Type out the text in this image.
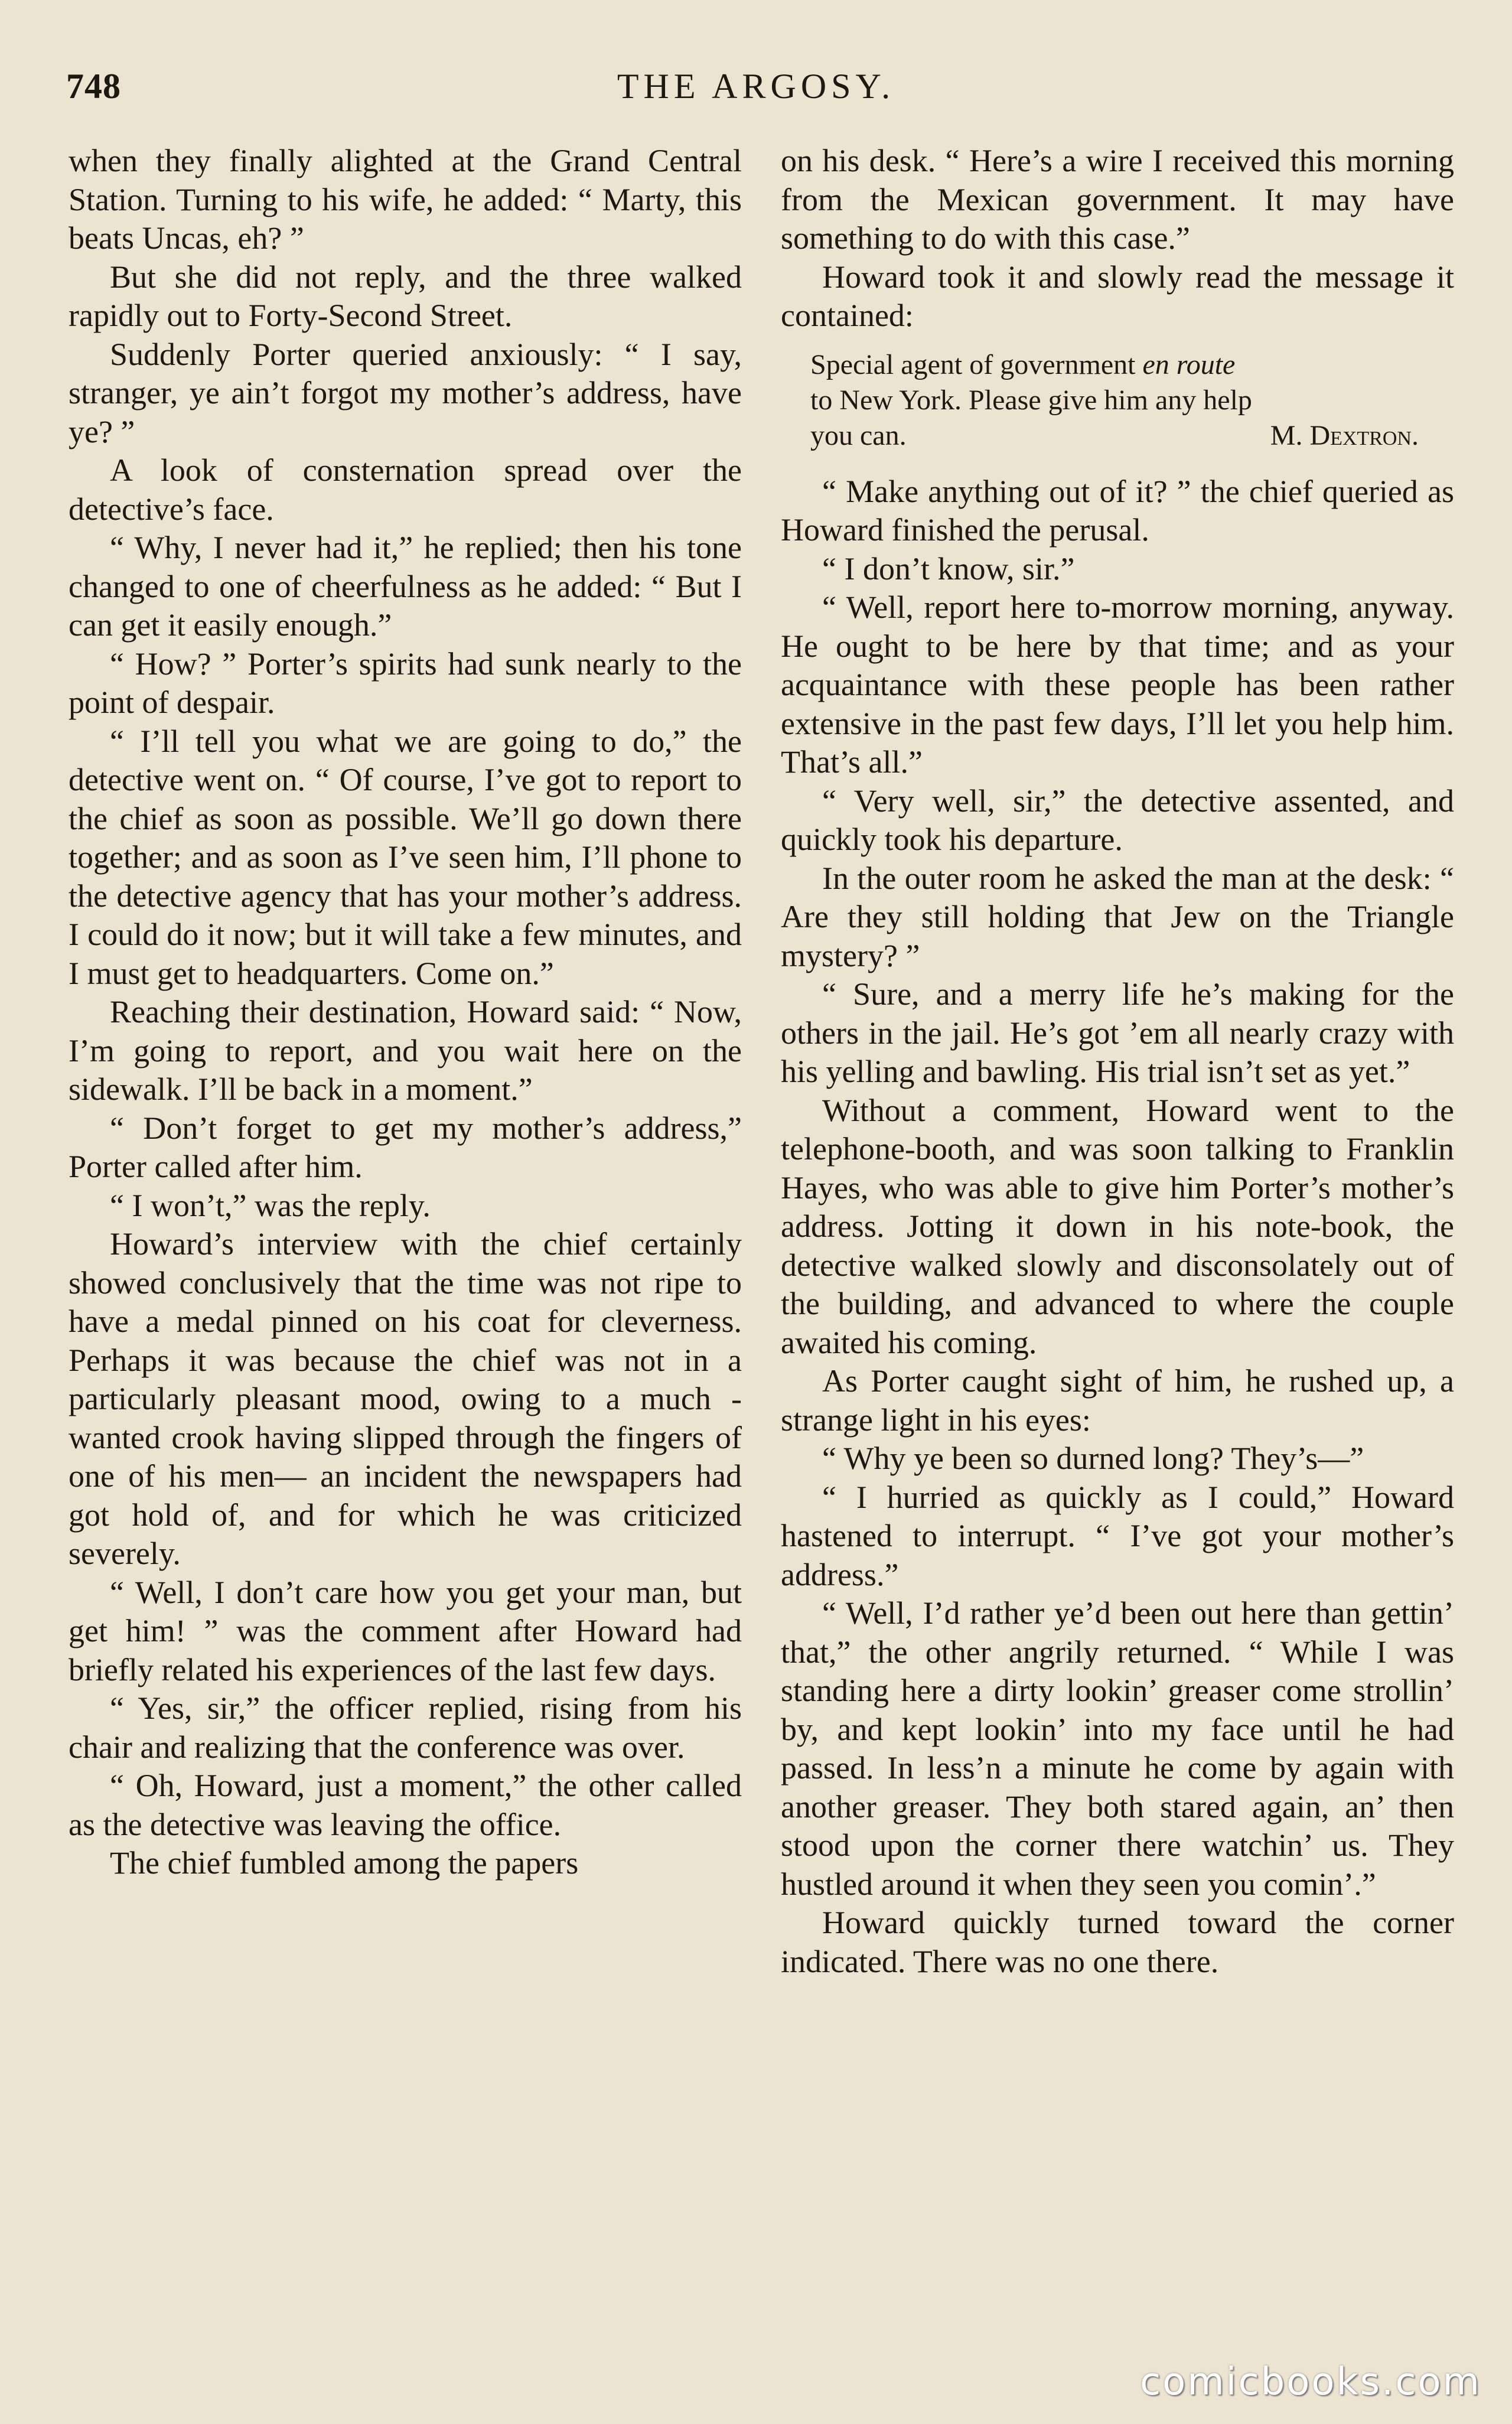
748	THE ARGOSY.

when they finally alighted at the Grand Central Station. Turning to his wife, he added: “ Marty, this beats Uncas, eh? ”

But she did not reply, and the three walked rapidly out to Forty-Second Street.

Suddenly Porter queried anxiously: “ I say, stranger, ye ain’t forgot my mother’s address, have ye? ”

A look of consternation spread over the detective’s face.

“ Why, I never had it,” he replied; then his tone changed to one of cheerfulness as he added: “ But I can get it easily enough.”

“ How? ” Porter’s spirits had sunk nearly to the point of despair.

“ I’ll tell you what we are going to do,” the detective went on. “ Of course, I’ve got to report to the chief as soon as possible. We’ll go down there together; and as soon as I’ve seen him, I’ll phone to the detective agency that has your mother’s address. I could do it now; but it will take a few minutes, and I must get to headquarters. Come on.”

Reaching their destination, Howard said: “ Now, I’m going to report, and you wait here on the sidewalk. I’ll be back in a moment.”

“ Don’t forget to get my mother’s address,” Porter called after him.

“ I won’t,” was the reply.

Howard’s interview with the chief certainly showed conclusively that the time was not ripe to have a medal pinned on his coat for cleverness. Perhaps it was because the chief was not in a particularly pleasant mood, owing to a much - wanted crook having slipped through the fingers of one of his men— an incident the newspapers had got hold of, and for which he was criticized severely.

“ Well, I don’t care how you get your man, but get him! ” was the comment after Howard had briefly related his experiences of the last few days.

“ Yes, sir,” the officer replied, rising from his chair and realizing that the conference was over.

“ Oh, Howard, just a moment,” the other called as the detective was leaving the office.

The chief fumbled among the papers

on his desk. “ Here’s a wire I received this morning from the Mexican government. It may have something to do with this case.”

Howard took it and slowly read the message it contained:

Special agent of government en route

to New York. Please give him any help

you can.	M. Dextron.

“ Make anything out of it? ” the chief queried as Howard finished the perusal.

“ I don’t know, sir.”

“ Well, report here to-morrow morning, anyway. He ought to be here by that time; and as your acquaintance with these people has been rather extensive in the past few days, I’ll let you help him. That’s all.”

“ Very well, sir,” the detective assented, and quickly took his departure.

In the outer room he asked the man at the desk: “ Are they still holding that Jew on the Triangle mystery? ”

“ Sure, and a merry life he’s making for the others in the jail. He’s got ’em all nearly crazy with his yelling and bawling. His trial isn’t set as yet.”

Without a comment, Howard went to the telephone-booth, and was soon talking to Franklin Hayes, who was able to give him Porter’s mother’s address. Jotting it down in his note-book, the detective walked slowly and disconsolately out of the building, and advanced to where the couple awaited his coming.

As Porter caught sight of him, he rushed up, a strange light in his eyes:

“ Why ye been so durned long? They’s—”

“ I hurried as quickly as I could,” Howard hastened to interrupt. “ I’ve got your mother’s address.”

“ Well, I’d rather ye’d been out here than gettin’ that,” the other angrily returned. “ While I was standing here a dirty lookin’ greaser come strollin’ by, and kept lookin’ into my face until he had passed. In less’n a minute he come by again with another greaser. They both stared again, an’ then stood upon the corner there watchin’ us. They hustled around it when they seen you comin’.”

Howard quickly turned toward the corner indicated. There was no one there.

comicbooks.com
